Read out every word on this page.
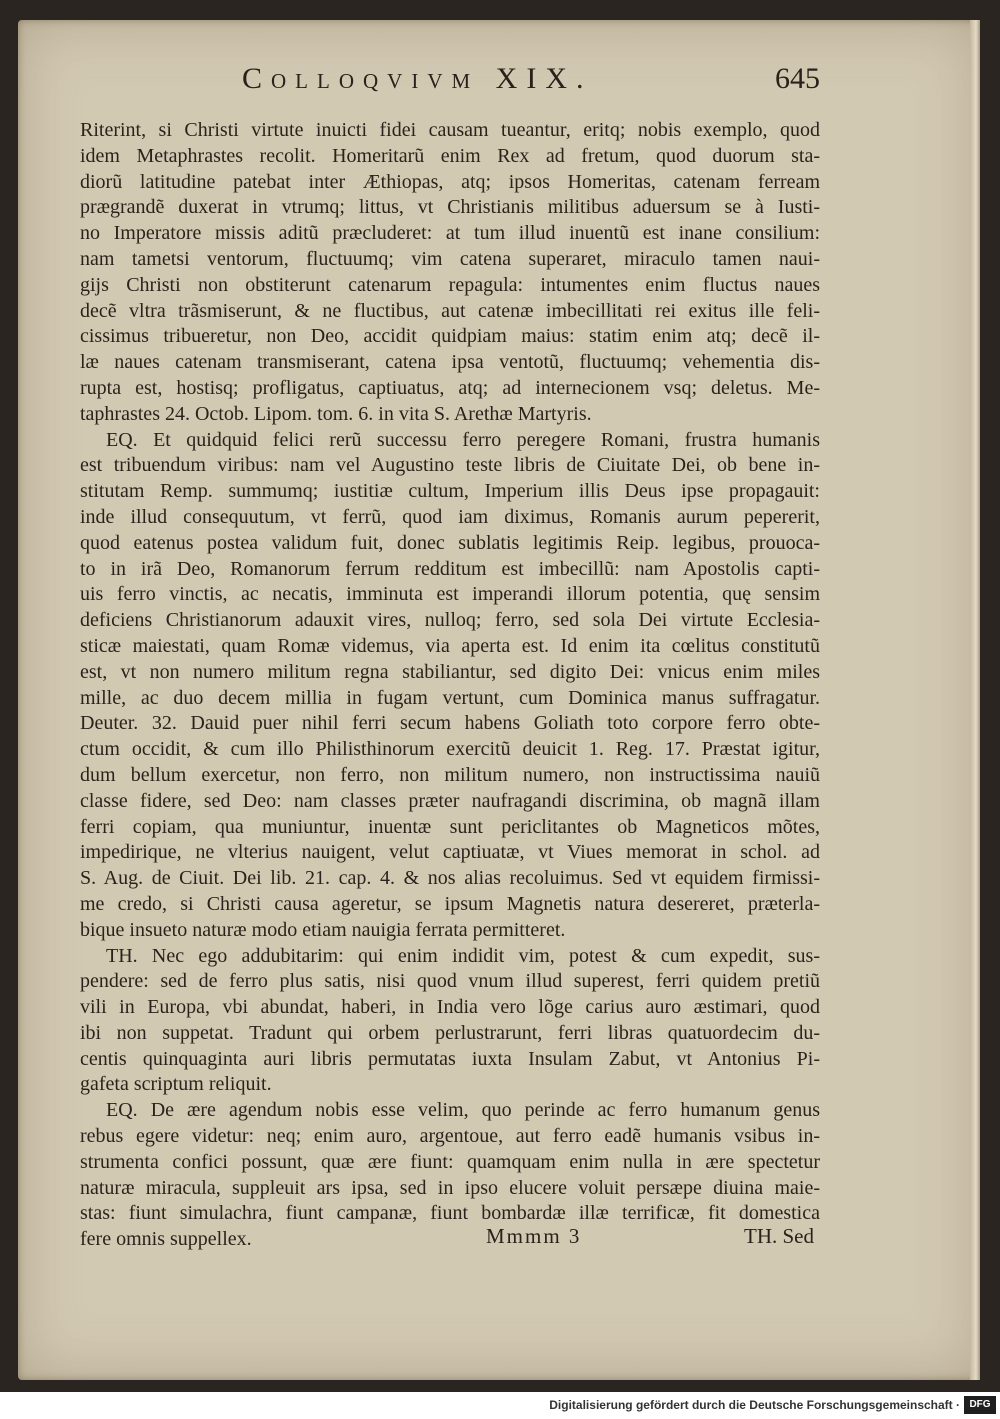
Colloqvivm XIX.	645
Riterint, si Christi virtute inuicti fidei causam tueantur, eritq; nobis exemplo, quod
idem Metaphrastes recolit. Homeritarũ enim Rex ad fretum, quod duorum sta-
diorũ latitudine patebat inter Æthiopas, atq; ipsos Homeritas, catenam ferream
prægrandẽ duxerat in vtrumq; littus, vt Christianis militibus aduersum se à Iusti-
no Imperatore missis aditũ præcluderet: at tum illud inuentũ est inane consilium:
nam tametsi ventorum, fluctuumq; vim catena superaret, miraculo tamen naui-
gijs Christi non obstiterunt catenarum repagula: intumentes enim fluctus naues
decẽ vltra trãsmiserunt, & ne fluctibus, aut catenæ imbecillitati rei exitus ille feli-
cissimus tribueretur, non Deo, accidit quidpiam maius: statim enim atq; decẽ il-
læ naues catenam transmiserant, catena ipsa ventotũ, fluctuumq; vehementia dis-
rupta est, hostisq; profligatus, captiuatus, atq; ad internecionem vsq; deletus. Me-
taphrastes 24. Octob. Lipom. tom. 6. in vita S. Arethæ Martyris.
EQ. Et quidquid felici rerũ successu ferro peregere Romani, frustra humanis
est tribuendum viribus: nam vel Augustino teste libris de Ciuitate Dei, ob bene in-
stitutam Remp. summumq; iustitiæ cultum, Imperium illis Deus ipse propagauit:
inde illud consequutum, vt ferrũ, quod iam diximus, Romanis aurum pepererit,
quod eatenus postea validum fuit, donec sublatis legitimis Reip. legibus, prouoca-
to in irã Deo, Romanorum ferrum redditum est imbecillũ: nam Apostolis capti-
uis ferro vinctis, ac necatis, imminuta est imperandi illorum potentia, quę sensim
deficiens Christianorum adauxit vires, nulloq; ferro, sed sola Dei virtute Ecclesia-
sticæ maiestati, quam Romæ videmus, via aperta est. Id enim ita cœlitus constitutũ
est, vt non numero militum regna stabiliantur, sed digito Dei: vnicus enim miles
mille, ac duo decem millia in fugam vertunt, cum Dominica manus suffragatur.
Deuter. 32. Dauid puer nihil ferri secum habens Goliath toto corpore ferro obte-
ctum occidit, & cum illo Philisthinorum exercitũ deuicit 1. Reg. 17. Præstat igitur,
dum bellum exercetur, non ferro, non militum numero, non instructissima nauiũ
classe fidere, sed Deo: nam classes præter naufragandi discrimina, ob magnã illam
ferri copiam, qua muniuntur, inuentæ sunt periclitantes ob Magneticos mõtes,
impedirique, ne vlterius nauigent, velut captiuatæ, vt Viues memorat in schol. ad
S. Aug. de Ciuit. Dei lib. 21. cap. 4. & nos alias recoluimus. Sed vt equidem firmissi-
me credo, si Christi causa ageretur, se ipsum Magnetis natura desereret, præterla-
bique insueto naturæ modo etiam nauigia ferrata permitteret.
TH. Nec ego addubitarim: qui enim indidit vim, potest & cum expedit, sus-
pendere: sed de ferro plus satis, nisi quod vnum illud superest, ferri quidem pretiũ
vili in Europa, vbi abundat, haberi, in India vero lõge carius auro æstimari, quod
ibi non suppetat. Tradunt qui orbem perlustrarunt, ferri libras quatuordecim du-
centis quinquaginta auri libris permutatas iuxta Insulam Zabut, vt Antonius Pi-
gafeta scriptum reliquit.
EQ. De ære agendum nobis esse velim, quo perinde ac ferro humanum genus
rebus egere videtur: neq; enim auro, argentoue, aut ferro eadẽ humanis vsibus in-
strumenta confici possunt, quæ ære fiunt: quamquam enim nulla in ære spectetur
naturæ miracula, suppleuit ars ipsa, sed in ipso elucere voluit persæpe diuina maie-
stas: fiunt simulachra, fiunt campanæ, fiunt bombardæ illæ terrificæ, fit domestica
fere omnis suppellex.	Mmmm 3	TH. Sed
Digitalisierung gefördert durch die Deutsche Forschungsgemeinschaft · DFG
